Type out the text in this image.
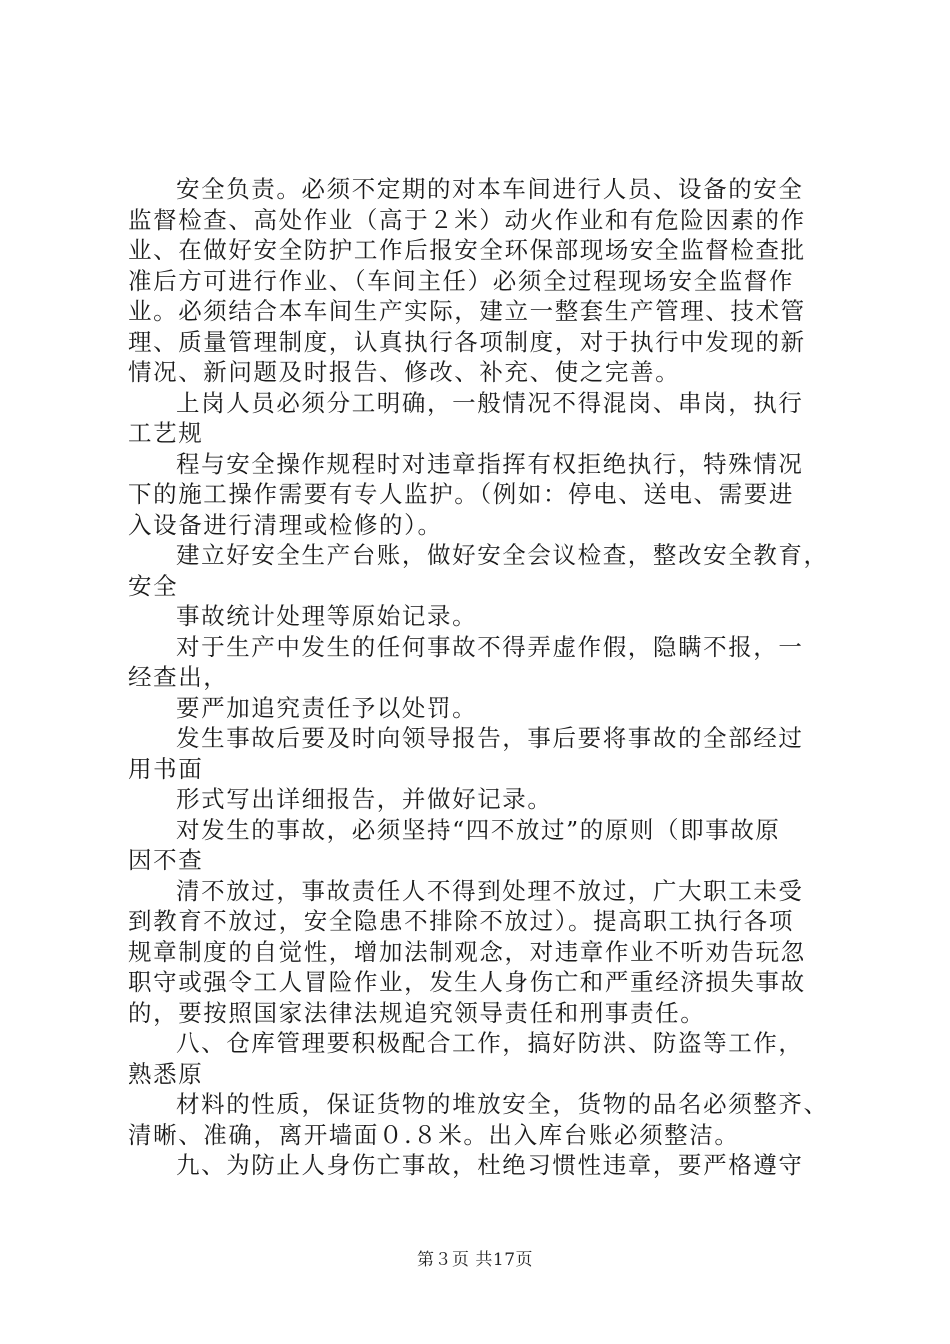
安全负责。必须不定期的对本车间进行人员、设备的安全
监督检查、高处作业（高于２米）动火作业和有危险因素的作
业、在做好安全防护工作后报安全环保部现场安全监督检查批
准后方可进行作业、（车间主任）必须全过程现场安全监督作
业。必须结合本车间生产实际，建立一整套生产管理、技术管
理、质量管理制度，认真执行各项制度，对于执行中发现的新
情况、新问题及时报告、修改、补充、使之完善。

上岗人员必须分工明确，一般情况不得混岗、串岗，执行
工艺规

程与安全操作规程时对违章指挥有权拒绝执行，特殊情况
下的施工操作需要有专人监护。（例如：停电、送电、需要进
入设备进行清理或检修的）。

建立好安全生产台账，做好安全会议检查，整改安全教育，
安全

事故统计处理等原始记录。

对于生产中发生的任何事故不得弄虚作假，隐瞒不报，一
经查出，

要严加追究责任予以处罚。

发生事故后要及时向领导报告，事后要将事故的全部经过
用书面

形式写出详细报告，并做好记录。

对发生的事故，必须坚持“四不放过”的原则（即事故原
因不查

清不放过，事故责任人不得到处理不放过，广大职工未受
到教育不放过，安全隐患不排除不放过）。提高职工执行各项
规章制度的自觉性，增加法制观念，对违章作业不听劝告玩忽
职守或强令工人冒险作业，发生人身伤亡和严重经济损失事故
的，要按照国家法律法规追究领导责任和刑事责任。

八、仓库管理要积极配合工作，搞好防洪、防盗等工作，
熟悉原

材料的性质，保证货物的堆放安全，货物的品名必须整齐、
清晰、准确，离开墙面０.８米。出入库台账必须整洁。

九、为防止人身伤亡事故，杜绝习惯性违章，要严格遵守

第３页 共17页
